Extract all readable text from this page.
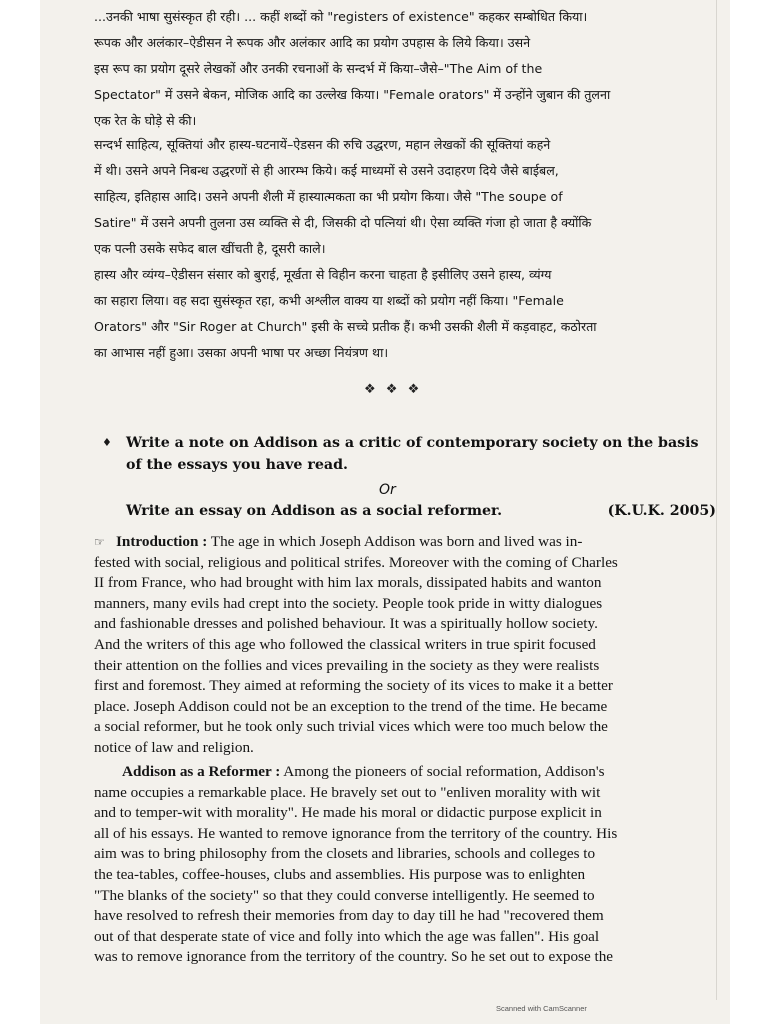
...उनकी भाषा सुसंस्कृत ही रही। ... कहीं शब्दों को "registers of existence" कहकर सम्बोधित किया।
रूपक और अलंकार–ऐडीसन ने रूपक और अलंकार आदि का प्रयोग उपहास के लिये किया। उसने
इस रूप का प्रयोग दूसरे लेखकों और उनकी रचनाओं के सन्दर्भ में किया–जैसे–"The Aim of the
Spectator" में उसने बेकन, मोजिक आदि का उल्लेख किया। "Female orators" में उन्होंने जुबान की तुलना
एक रेत के घोड़े से की।
सन्दर्भ साहित्य, सूक्तियां और हास्य-घटनायें–ऐडसन की रुचि उद्धरण, महान लेखकों की सूक्तियां कहने
में थी। उसने अपने निबन्ध उद्धरणों से ही आरम्भ किये। कई माध्यमों से उसने उदाहरण दिये जैसे बाईबल,
साहित्य, इतिहास आदि। उसने अपनी शैली में हास्यात्मकता का भी प्रयोग किया। जैसे "The soupe of
Satire" में उसने अपनी तुलना उस व्यक्ति से दी, जिसकी दो पत्नियां थी। ऐसा व्यक्ति गंजा हो जाता है क्योंकि
एक पत्नी उसके सफेद बाल खींचती है, दूसरी काले।
हास्य और व्यंग्य–ऐडीसन संसार को बुराई, मूर्खता से विहीन करना चाहता है इसीलिए उसने हास्य, व्यंग्य
का सहारा लिया। वह सदा सुसंस्कृत रहा, कभी अश्लील वाक्य या शब्दों को प्रयोग नहीं किया। "Female
Orators" और "Sir Roger at Church" इसी के सच्चे प्रतीक हैं। कभी उसकी शैली में कड़वाहट, कठोरता
का आभास नहीं हुआ। उसका अपनी भाषा पर अच्छा नियंत्रण था।
❖ ❖ ❖
♦ Write a note on Addison as a critic of contemporary society on the basis of the essays you have read.
Or
Write an essay on Addison as a social reformer.	(K.U.K. 2005)
☞ Introduction : The age in which Joseph Addison was born and lived was in-
fested with social, religious and political strifes. Moreover with the coming of Charles
II from France, who had brought with him lax morals, dissipated habits and wanton
manners, many evils had crept into the society. People took pride in witty dialogues
and fashionable dresses and polished behaviour. It was a spiritually hollow society.
And the writers of this age who followed the classical writers in true spirit focused
their attention on the follies and vices prevailing in the society as they were realists
first and foremost. They aimed at reforming the society of its vices to make it a better
place. Joseph Addison could not be an exception to the trend of the time. He became
a social reformer, but he took only such trivial vices which were too much below the
notice of law and religion.
Addison as a Reformer : Among the pioneers of social reformation, Addison's
name occupies a remarkable place. He bravely set out to "enliven morality with wit
and to temper-wit with morality". He made his moral or didactic purpose explicit in
all of his essays. He wanted to remove ignorance from the territory of the country. His
aim was to bring philosophy from the closets and libraries, schools and colleges to
the tea-tables, coffee-houses, clubs and assemblies. His purpose was to enlighten
"The blanks of the society" so that they could converse intelligently. He seemed to
have resolved to refresh their memories from day to day till he had "recovered them
out of that desperate state of vice and folly into which the age was fallen". His goal
was to remove ignorance from the territory of the country. So he set out to expose the
Scanned with CamScanner
